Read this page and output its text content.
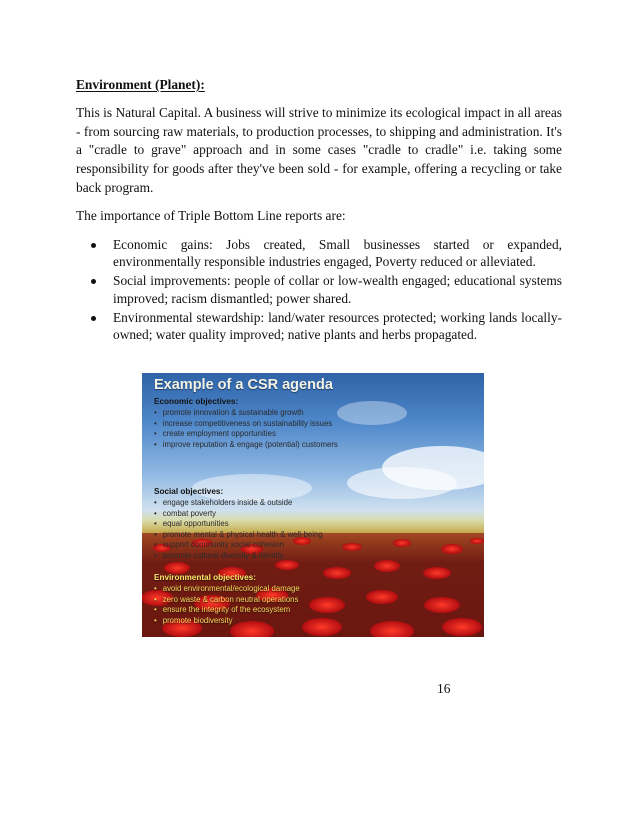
Environment (Planet):

This is Natural Capital. A business will strive to minimize its ecological impact in all areas - from sourcing raw materials, to production processes, to shipping and administration. It's a "cradle to grave" approach and in some cases "cradle to cradle" i.e. taking some responsibility for goods after they've been sold - for example, offering a recycling or take back program.

The importance of Triple Bottom Line reports are:

Economic gains: Jobs created, Small businesses started or expanded, environmentally responsible industries engaged, Poverty reduced or alleviated.
Social improvements: people of collar or low-wealth engaged; educational systems improved; racism dismantled; power shared.
Environmental stewardship: land/water resources protected; working lands locally-owned; water quality improved; native plants and herbs propagated.
Example of a CSR agenda
Economic objectives:
• promote innovation & sustainable growth
• increase competitiveness on sustainability issues
• create employment opportunities
• improve reputation & engage (potential) customers
Social objectives:
• engage stakeholders inside & outside
• combat poverty
• equal opportunities
• promote mental & physical health & well-being
• support community social cohesion
• promote cultural diversity & identity
Environmental objectives:
• avoid environmental/ecological damage
• zero waste & carbon neutral operations
• ensure the integrity of the ecosystem
• promote biodiversity
16
